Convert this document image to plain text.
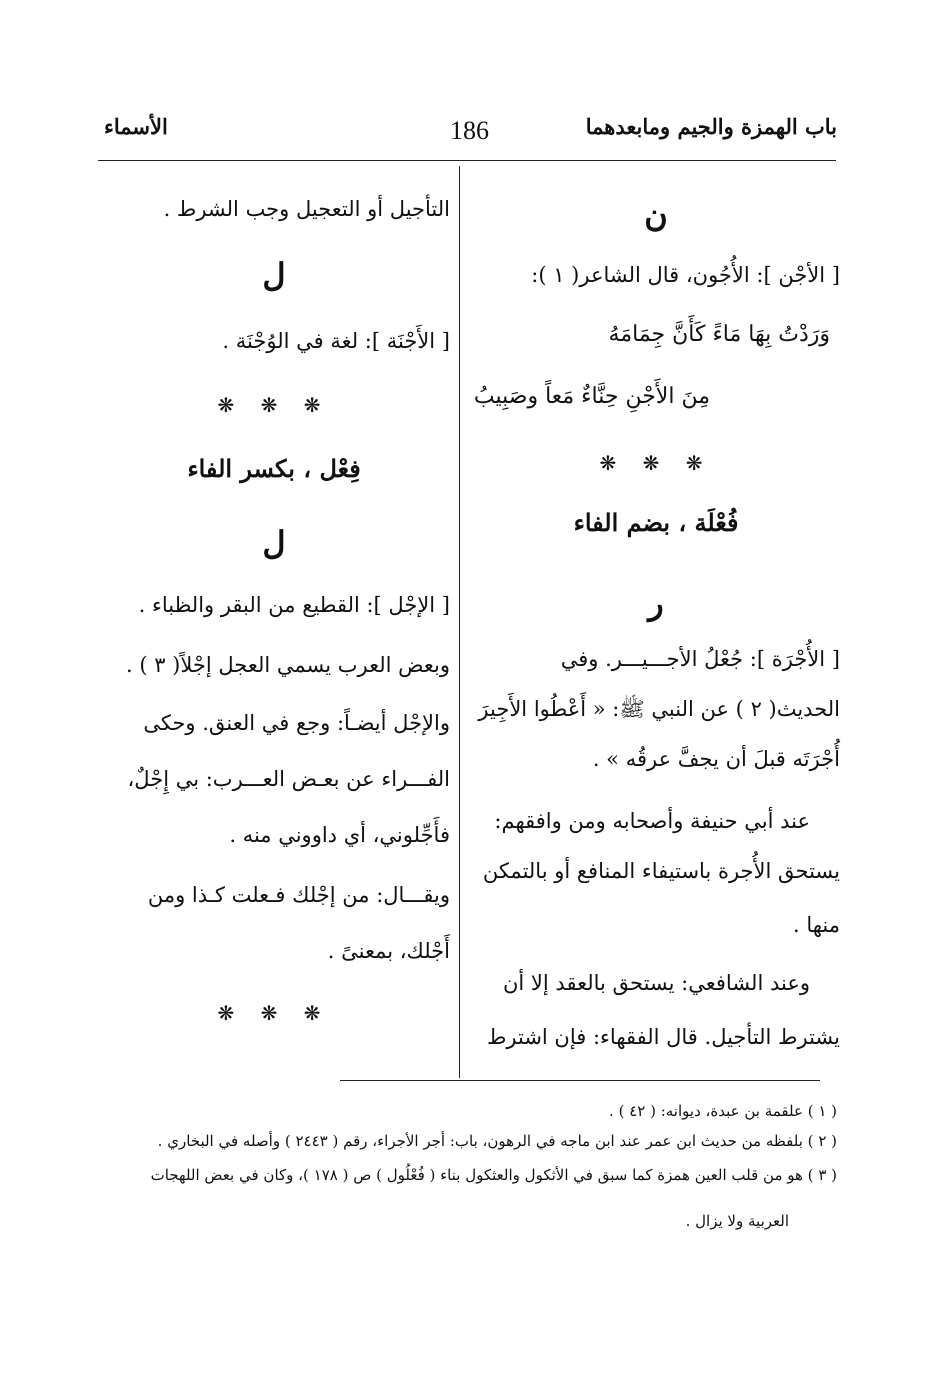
باب الهمزة والجيم ومابعدهما
186
الأسماء
ن
[ الأجْن ]: الأُجُون، قال الشاعر( ١ ):
وَرَدْتُ بِهَا مَاءً كَأَنَّ جِمَامَهُ
مِنَ الأَجْنِ حِنَّاءٌ مَعاً وصَبِيبُ
❋ ❋ ❋
فُعْلَة ، بضم الفاء
ر
[ الأُجْرَة ]: جُعْلُ الأجـــيـــر. وفي
الحديث( ٢ ) عن النبي ﷺ: « أَعْطُوا الأَجِيرَ
أُجْرَتَه قبلَ أن يجفَّ عرقُه » .
عند أبي حنيفة وأصحابه ومن وافقهم:
يستحق الأُجرة باستيفاء المنافع أو بالتمكن
منها .
وعند الشافعي: يستحق بالعقد إلا أن
يشترط التأجيل. قال الفقهاء: فإن اشترط
التأجيل أو التعجيل وجب الشرط .
ل
[ الأَجْنَة ]: لغة في الوُجْنَة .
❋ ❋ ❋
فِعْل ، بكسر الفاء
ل
[ الإجْل ]: القطيع من البقر والظباء .
وبعض العرب يسمي العجل إجْلاً( ٣ ) .
والإجْل أيضـاً: وجع في العنق. وحكى
الفـــراء عن بعـض العـــرب: بي إِجْلٌ،
فأَجِّلوني، أي داووني منه .
ويقـــال: من إجْلك فـعلت كـذا ومن
أَجْلك، بمعنىً .
❋ ❋ ❋
( ١ ) علقمة بن عبدة، ديوانه: ( ٤٢ ) .
( ٢ ) بلفظه من حديث ابن عمر عند ابن ماجه في الرهون، باب: أجر الأجراء، رقم ( ٢٤٤٣ ) وأصله في البخاري .
( ٣ ) هو من قلب العين همزة كما سبق في الأثكول والعثكول بناء ( فُعْلُول ) ص ( ١٧٨ )، وكان في بعض اللهجات
العربية ولا يزال .
